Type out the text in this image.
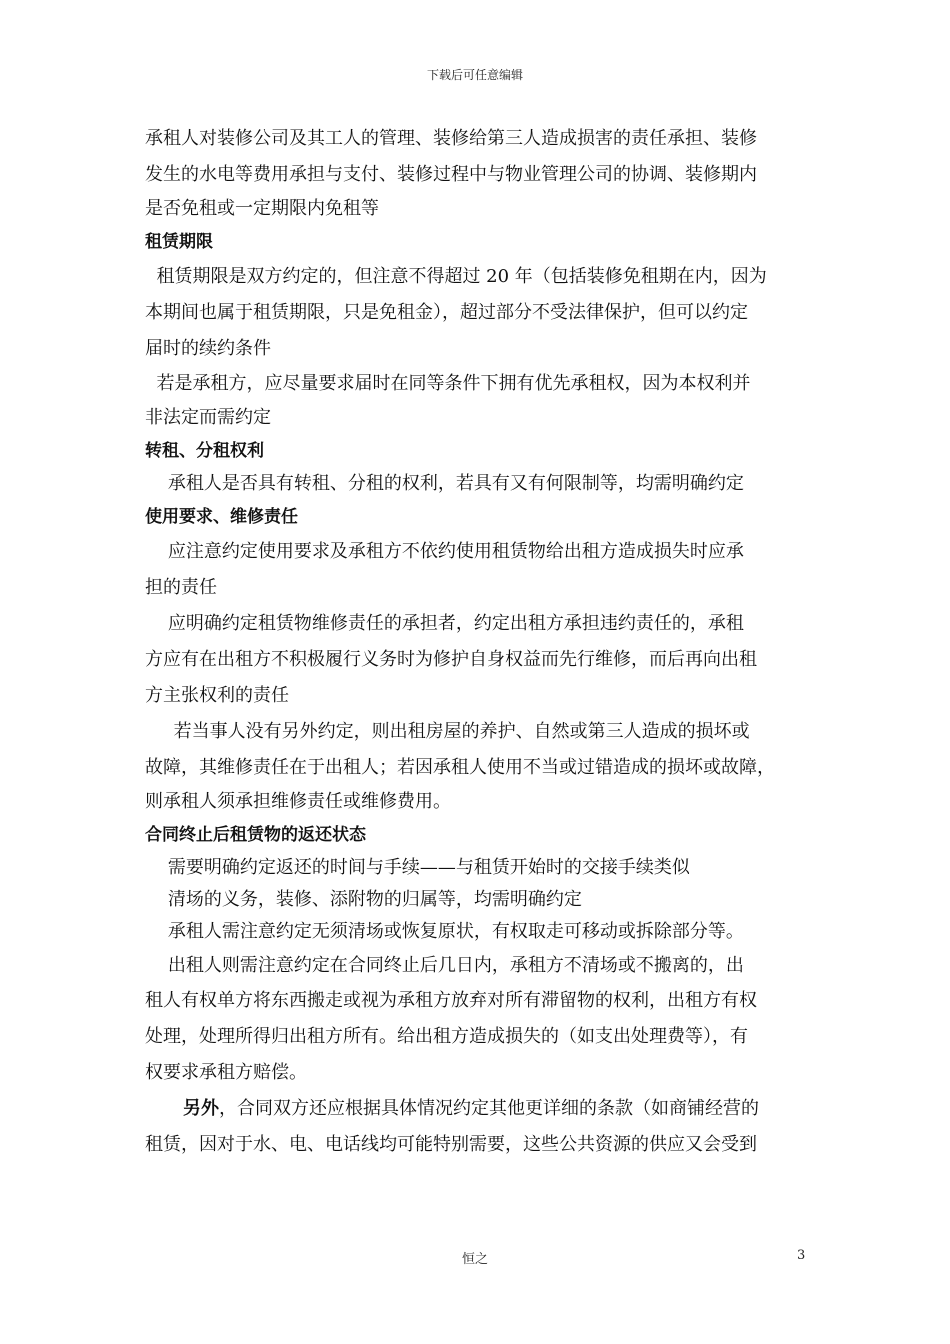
下载后可任意编辑
承租人对装修公司及其工人的管理、装修给第三人造成损害的责任承担、装修
发生的水电等费用承担与支付、装修过程中与物业管理公司的协调、装修期内
是否免租或一定期限内免租等
租赁期限
租赁期限是双方约定的，但注意不得超过 20 年（包括装修免租期在内，因为
本期间也属于租赁期限，只是免租金），超过部分不受法律保护，但可以约定
届时的续约条件
若是承租方，应尽量要求届时在同等条件下拥有优先承租权，因为本权利并
非法定而需约定
转租、分租权利
承租人是否具有转租、分租的权利，若具有又有何限制等，均需明确约定
使用要求、维修责任
应注意约定使用要求及承租方不依约使用租赁物给出租方造成损失时应承
担的责任
应明确约定租赁物维修责任的承担者，约定出租方承担违约责任的，承租
方应有在出租方不积极履行义务时为修护自身权益而先行维修，而后再向出租
方主张权利的责任
若当事人没有另外约定，则出租房屋的养护、自然或第三人造成的损坏或
故障，其维修责任在于出租人；若因承租人使用不当或过错造成的损坏或故障，
则承租人须承担维修责任或维修费用。
合同终止后租赁物的返还状态
需要明确约定返还的时间与手续——与租赁开始时的交接手续类似
清场的义务，装修、添附物的归属等，均需明确约定
承租人需注意约定无须清场或恢复原状，有权取走可移动或拆除部分等。
出租人则需注意约定在合同终止后几日内，承租方不清场或不搬离的，出
租人有权单方将东西搬走或视为承租方放弃对所有滞留物的权利，出租方有权
处理，处理所得归出租方所有。给出租方造成损失的（如支出处理费等），有
权要求承租方赔偿。
另外，合同双方还应根据具体情况约定其他更详细的条款（如商铺经营的
租赁，因对于水、电、电话线均可能特别需要，这些公共资源的供应又会受到
恒之	3
